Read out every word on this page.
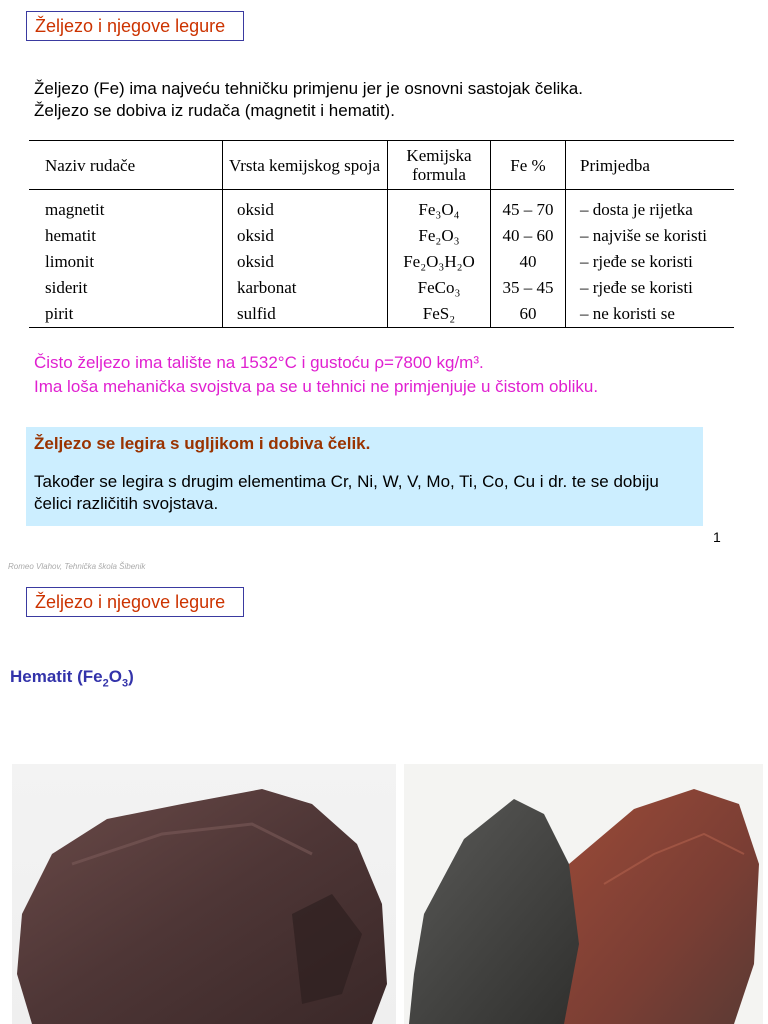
Željezo i njegove legure

Željezo (Fe) ima najveću tehničku primjenu jer je osnovni sastojak čelika.

Željezo se dobiva iz rudača (magnetit i hematit).

Naziv rudače	Vrsta kemijskog spoja	Kemijska formula	Fe %	Primjedba
magnetit	oksid	Fe₃O₄	45 – 70	– dosta je rijetka
hematit	oksid	Fe₂O₃	40 – 60	– najviše se koristi
limonit	oksid	Fe₂O₃H₂O	40	– rjeđe se koristi
siderit	karbonat	FeCo₃	35 – 45	– rjeđe se koristi
pirit	sulfid	FeS₂	60	– ne koristi se

Čisto željezo ima talište na 1532°C i gustoću ρ=7800 kg/m³.

Ima loša mehanička svojstva pa se u tehnici ne primjenjuje u čistom obliku.

Željezo se legira s ugljikom i dobiva čelik.
Također se legira s drugim elementima Cr, Ni, W, V, Mo, Ti, Co, Cu i dr. te se dobiju čelici različitih svojstava.
1
Romeo Vlahov, Tehnička škola Šibenik
Željezo i njegove legure
Hematit $(Fe_2O_3)$
